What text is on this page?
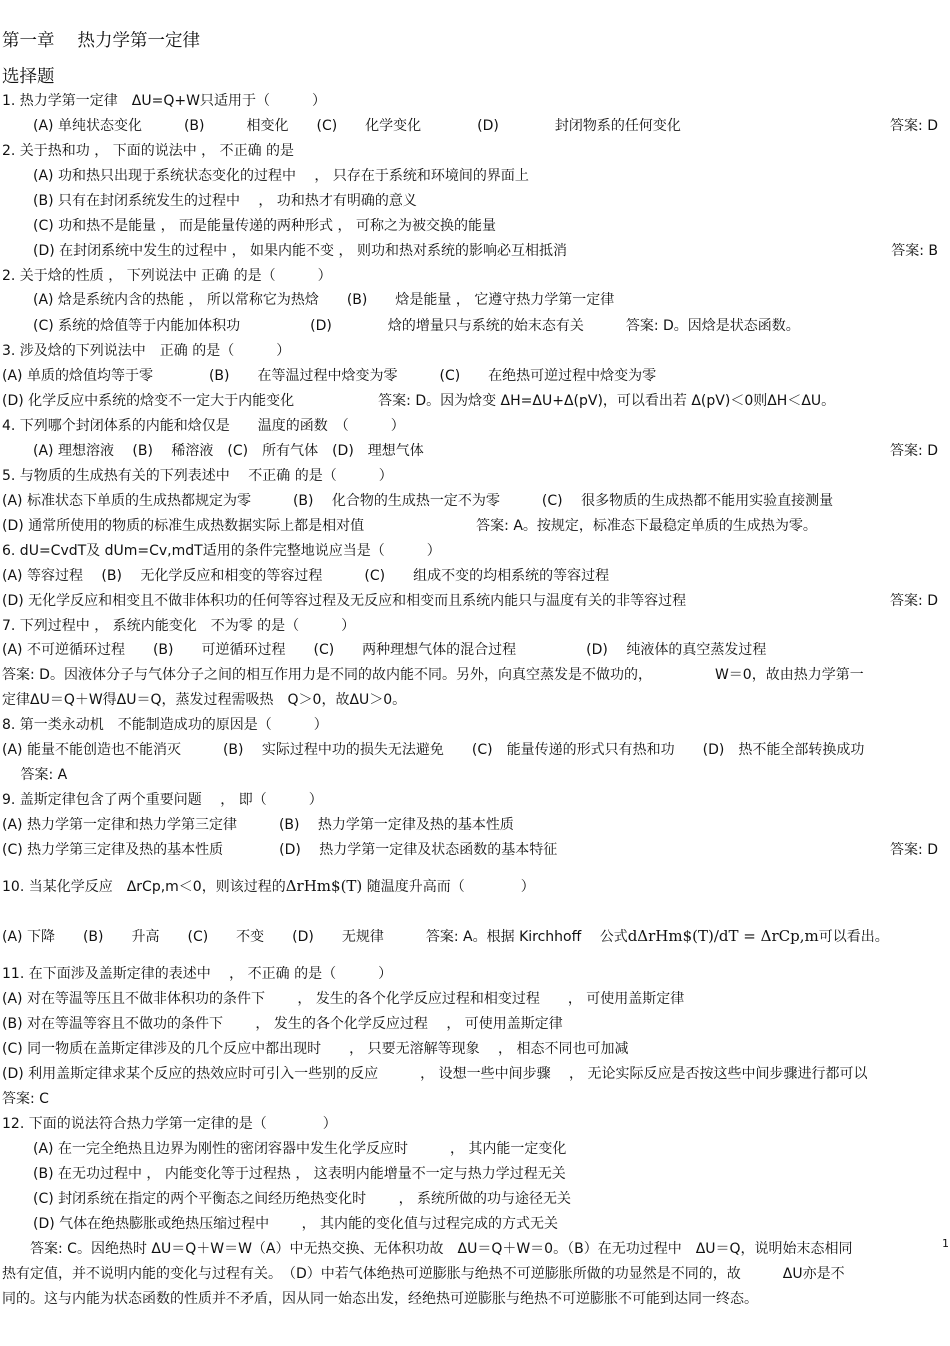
第一章　 热力学第一定律
选择题
1. 热力学第一定律　ΔU=Q+W只适用于（　　　）
(A) 单纯状态变化　　　(B)　　　相变化　　(C)　　化学变化　　　　(D)　　　　封闭物系的任何变化	答案: D
2. 关于热和功 ， 下面的说法中 ， 不正确 的是
(A) 功和热只出现于系统状态变化的过程中　 ， 只存在于系统和环境间的界面上
(B) 只有在封闭系统发生的过程中　 ， 功和热才有明确的意义
(C) 功和热不是能量 ， 而是能量传递的两种形式 ， 可称之为被交换的能量
(D) 在封闭系统中发生的过程中 ， 如果内能不变 ， 则功和热对系统的影响必互相抵消	答案: B
2. 关于焓的性质 ， 下列说法中 正确 的是（　　　）
(A) 焓是系统内含的热能 ， 所以常称它为热焓　　(B)　　焓是能量 ， 它遵守热力学第一定律
(C) 系统的焓值等于内能加体积功　　　　　(D)　　　　焓的增量只与系统的始末态有关　　　答案: D。因焓是状态函数。
3. 涉及焓的下列说法中　正确 的是（　　　）
(A) 单质的焓值均等于零　　　　(B)　　在等温过程中焓变为零　　　(C)　　在绝热可逆过程中焓变为零
(D) 化学反应中系统的焓变不一定大于内能变化　　　　　　答案: D。因为焓变 ΔH=ΔU+Δ(pV)，可以看出若 Δ(pV)＜0则ΔH＜ΔU。
4. 下列哪个封闭体系的内能和焓仅是　　温度的函数　（　　　）
(A) 理想溶液　 (B)　 稀溶液　(C)　所有气体　(D)　理想气体	答案: D
5. 与物质的生成热有关的下列表述中　 不正确 的是（　　　）
(A) 标准状态下单质的生成热都规定为零　　　(B)　 化合物的生成热一定不为零　　　(C)　 很多物质的生成热都不能用实验直接测量
(D) 通常所使用的物质的标准生成热数据实际上都是相对值　　　　　　　　答案: A。按规定，标准态下最稳定单质的生成热为零。
6. dU=CvdT及 dUm=Cv,mdT适用的条件完整地说应当是（　　　）
(A) 等容过程　 (B)　 无化学反应和相变的等容过程　　　(C)　　组成不变的均相系统的等容过程
(D) 无化学反应和相变且不做非体积功的任何等容过程及无反应和相变而且系统内能只与温度有关的非等容过程	答案: D
7. 下列过程中 ， 系统内能变化　不为零 的是（　　　）
(A) 不可逆循环过程　　(B)　　可逆循环过程　　(C)　　两种理想气体的混合过程　　　　　(D)　 纯液体的真空蒸发过程
答案: D。因液体分子与气体分子之间的相互作用力是不同的故内能不同。另外，向真空蒸发是不做功的，　　　　　W＝0，故由热力学第一
定律ΔU＝Q＋W得ΔU＝Q，蒸发过程需吸热　Q＞0，故ΔU＞0。
8. 第一类永动机　不能制造成功的原因是（　　　）
(A) 能量不能创造也不能消灭　　　(B)　 实际过程中功的损失无法避免　　(C)　能量传递的形式只有热和功　　(D)　热不能全部转换成功
　 答案: A
9. 盖斯定律包含了两个重要问题　 ， 即（　　　）
(A) 热力学第一定律和热力学第三定律　　　(B)　 热力学第一定律及热的基本性质
(C) 热力学第三定律及热的基本性质　　　　(D)　 热力学第一定律及状态函数的基本特征	答案: D
10. 当某化学反应　ΔrCp,m＜0，则该过程的ΔrHm$(T) 随温度升高而（　　　　）
(A) 下降　　(B)　　升高　　(C)　　不变　　(D)　　无规律　　　答案: A。根据 Kirchhoff 　公式dΔrHm$(T)/dT = ΔrCp,m可以看出。
11. 在下面涉及盖斯定律的表述中　 ， 不正确 的是（　　　）
(A) 对在等温等压且不做非体积功的条件下　　 ， 发生的各个化学反应过程和相变过程　　， 可使用盖斯定律
(B) 对在等温等容且不做功的条件下　　 ， 发生的各个化学反应过程　 ， 可使用盖斯定律
(C) 同一物质在盖斯定律涉及的几个反应中都出现时　　， 只要无溶解等现象　 ， 相态不同也可加减
(D) 利用盖斯定律求某个反应的热效应时可引入一些别的反应　　　， 设想一些中间步骤　 ， 无论实际反应是否按这些中间步骤进行都可以
答案: C
12. 下面的说法符合热力学第一定律的是（　　　　）
(A) 在一完全绝热且边界为刚性的密闭容器中发生化学反应时　　　， 其内能一定变化
(B) 在无功过程中 ， 内能变化等于过程热 ， 这表明内能增量不一定与热力学过程无关
(C) 封闭系统在指定的两个平衡态之间经历绝热变化时　　 ， 系统所做的功与途径无关
(D) 气体在绝热膨胀或绝热压缩过程中　　 ， 其内能的变化值与过程完成的方式无关
　　答案: C。因绝热时 ΔU＝Q＋W＝W（A）中无热交换、无体积功故　ΔU＝Q＋W＝0。（B）在无功过程中　ΔU＝Q，说明始末态相同
热有定值，并不说明内能的变化与过程有关。　（D）中若气体绝热可逆膨胀与绝热不可逆膨胀所做的功显然是不同的，故　　　ΔU亦是不
同的。这与内能为状态函数的性质并不矛盾，因从同一始态出发，经绝热可逆膨胀与绝热不可逆膨胀不可能到达同一终态。
1
